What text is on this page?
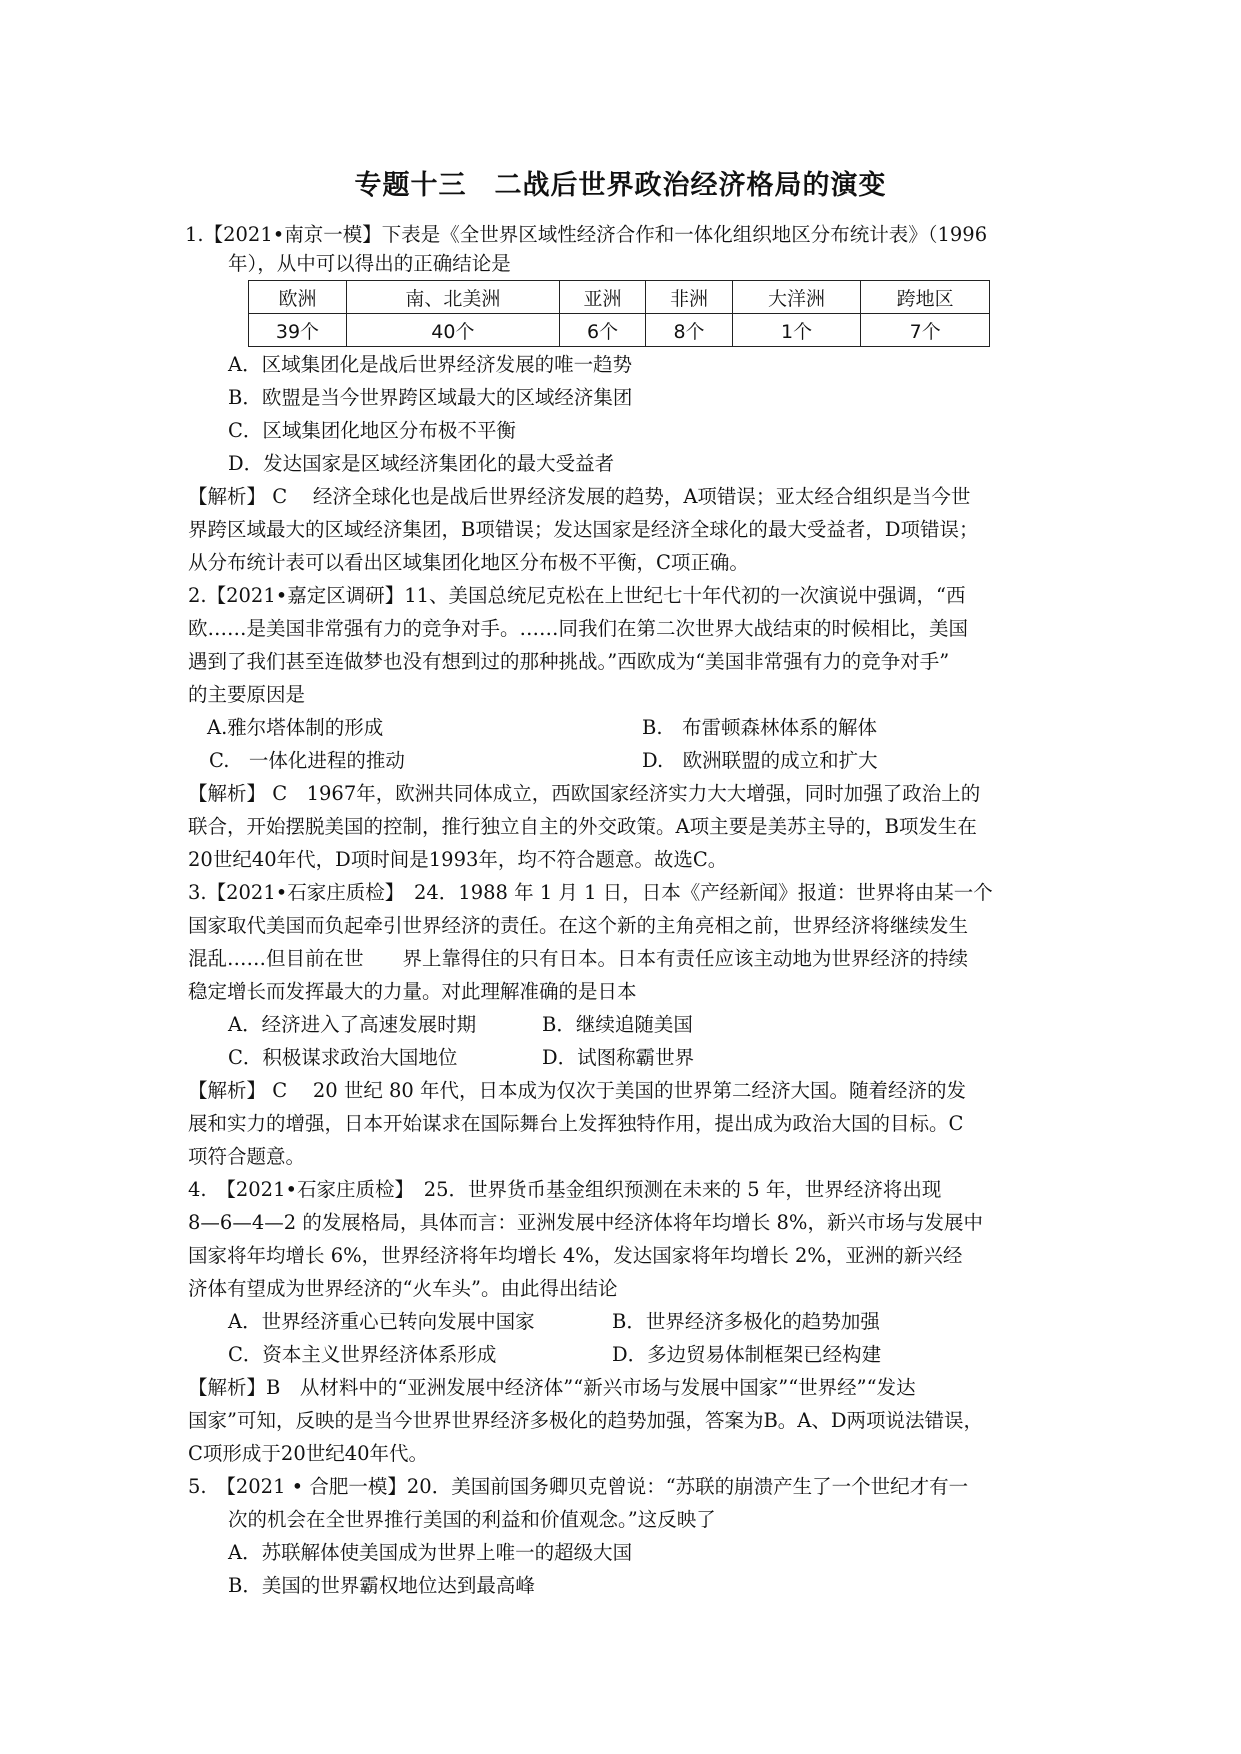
专题十三　二战后世界政治经济格局的演变
1.【2021•南京一模】下表是《全世界区域性经济合作和一体化组织地区分布统计表》（1996
年），从中可以得出的正确结论是
欧洲	南、北美洲	亚洲	非洲	大洋洲	跨地区
39个	40个	6个	8个	1个	7个
A．区域集团化是战后世界经济发展的唯一趋势
B．欧盟是当今世界跨区域最大的区域经济集团
C．区域集团化地区分布极不平衡
D．发达国家是区域经济集团化的最大受益者
【解析】 C　 经济全球化也是战后世界经济发展的趋势，A项错误；亚太经合组织是当今世
界跨区域最大的区域经济集团，B项错误；发达国家是经济全球化的最大受益者，D项错误；
从分布统计表可以看出区域集团化地区分布极不平衡，C项正确。
2.【2021•嘉定区调研】11、美国总统尼克松在上世纪七十年代初的一次演说中强调，“西
欧……是美国非常强有力的竞争对手。……同我们在第二次世界大战结束的时候相比，美国
遇到了我们甚至连做梦也没有想到过的那种挑战。”西欧成为“美国非常强有力的竞争对手”
的主要原因是
A.雅尔塔体制的形成	B.　布雷顿森林体系的解体
C.　一体化进程的推动	D.　欧洲联盟的成立和扩大
【解析】 C　1967年，欧洲共同体成立，西欧国家经济实力大大增强，同时加强了政治上的
联合，开始摆脱美国的控制，推行独立自主的外交政策。A项主要是美苏主导的，B项发生在
20世纪40年代，D项时间是1993年，均不符合题意。故选C。
3.【2021•石家庄质检】　24．1988 年 1 月 1 日，日本《产经新闻》报道：世界将由某一个
国家取代美国而负起牵引世界经济的责任。在这个新的主角亮相之前，世界经济将继续发生
混乱……但目前在世　　界上靠得住的只有日本。日本有责任应该主动地为世界经济的持续
稳定增长而发挥最大的力量。对此理解准确的是日本
A．经济进入了高速发展时期	B．继续追随美国
C．积极谋求政治大国地位	D．试图称霸世界
【解析】 C　 20 世纪 80 年代，日本成为仅次于美国的世界第二经济大国。随着经济的发
展和实力的增强，日本开始谋求在国际舞台上发挥独特作用，提出成为政治大国的目标。C
项符合题意。
4.　【2021•石家庄质检】　25．世界货币基金组织预测在未来的 5 年，世界经济将出现
8—6—4—2 的发展格局，具体而言：亚洲发展中经济体将年均增长 8%，新兴市场与发展中
国家将年均增长 6%，世界经济将年均增长 4%，发达国家将年均增长 2%，亚洲的新兴经
济体有望成为世界经济的“火车头”。由此得出结论
A．世界经济重心已转向发展中国家	B．世界经济多极化的趋势加强
C．资本主义世界经济体系形成	D．多边贸易体制框架已经构建
【解析】B　从材料中的“亚洲发展中经济体”“新兴市场与发展中国家”“世界经”“发达
国家”可知，反映的是当今世界世界经济多极化的趋势加强，答案为B。A、D两项说法错误，
C项形成于20世纪40年代。
5.　【2021 • 合肥一模】20．美国前国务卿贝克曾说：“苏联的崩溃产生了一个世纪才有一
次的机会在全世界推行美国的利益和价值观念。”这反映了
A．苏联解体使美国成为世界上唯一的超级大国
B．美国的世界霸权地位达到最高峰
